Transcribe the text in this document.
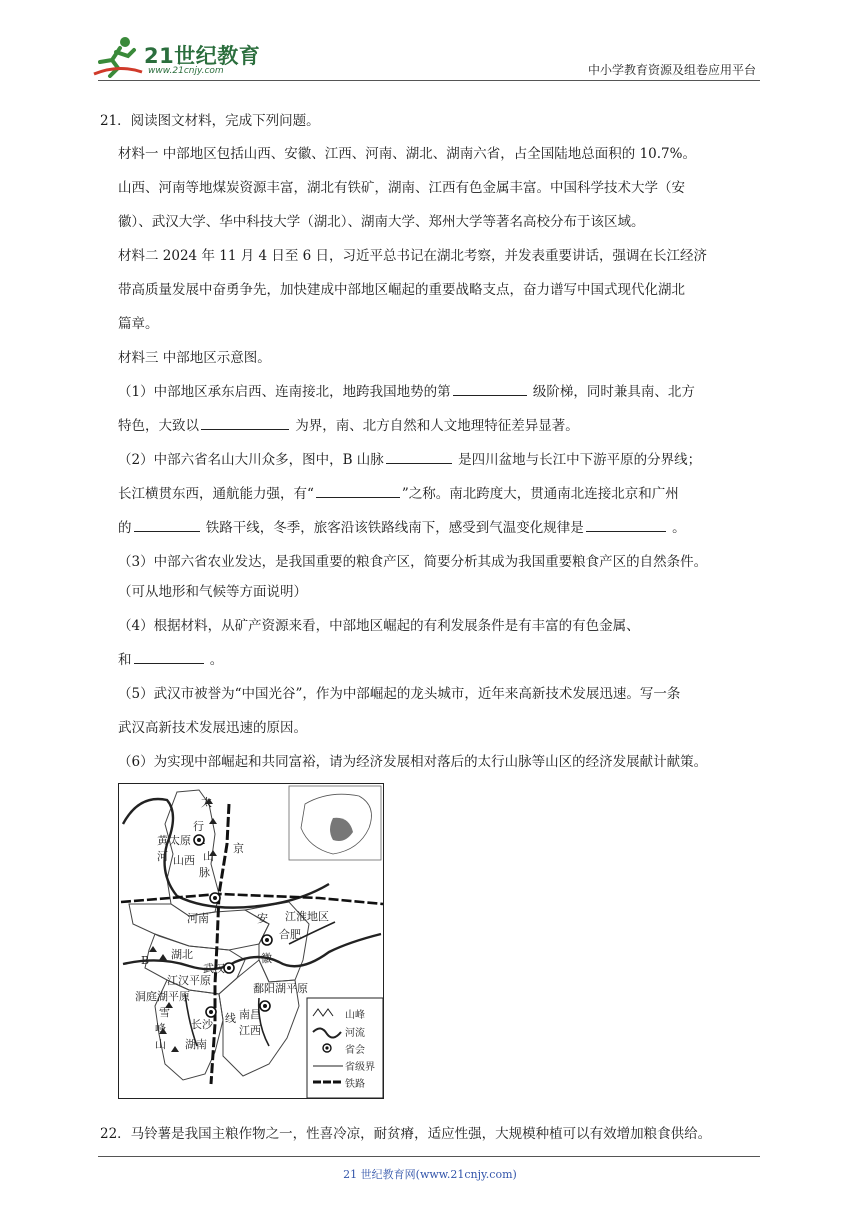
21世纪教育
www.21cnjy.com	中小学教育资源及组卷应用平台
21．阅读图文材料，完成下列问题。
材料一 中部地区包括山西、安徽、江西、河南、湖北、湖南六省，占全国陆地总面积的 10.7%。
山西、河南等地煤炭资源丰富，湖北有铁矿，湖南、江西有色金属丰富。中国科学技术大学（安
徽）、武汉大学、华中科技大学（湖北）、湖南大学、郑州大学等著名高校分布于该区域。
材料二 2024 年 11 月 4 日至 6 日，习近平总书记在湖北考察，并发表重要讲话，强调在长江经济
带高质量发展中奋勇争先，加快建成中部地区崛起的重要战略支点，奋力谱写中国式现代化湖北
篇章。
材料三 中部地区示意图。
（1）中部地区承东启西、连南接北，地跨我国地势的第	级阶梯，同时兼具南、北方
特色，大致以	为界，南、北方自然和人文地理特征差异显著。
（2）中部六省名山大川众多，图中，B 山脉	是四川盆地与长江中下游平原的分界线；
长江横贯东西，通航能力强，有“	”之称。南北跨度大，贯通南北连接北京和广州
的	铁路干线，冬季，旅客沿该铁路线南下，感受到气温变化规律是	。
（3）中部六省农业发达，是我国重要的粮食产区，简要分析其成为我国重要粮食产区的自然条件。
（可从地形和气候等方面说明）
（4）根据材料，从矿产资源来看，中部地区崛起的有利发展条件是有丰富的有色金属、
和	。
（5）武汉市被誉为“中国光谷”，作为中部崛起的龙头城市，近年来高新技术发展迅速。写一条
武汉高新技术发展迅速的原因。
（6）为实现中部崛起和共同富裕，请为经济发展相对落后的太行山脉等山区的经济发展献计献策。
太
行
山
脉
黄
河
太原
山西
京
河南	安 江淮地区
合肥
徽
湖北
B
武汉
江汉平原
洞庭湖平原
鄱阳湖平原
雪
峰
山
长沙
南昌
江西
湖南
线	山峰
河流
省会
省级界
铁路
22．马铃薯是我国主粮作物之一，性喜冷凉，耐贫瘠，适应性强，大规模种植可以有效增加粮食供给。
21 世纪教育网(www.21cnjy.com)
